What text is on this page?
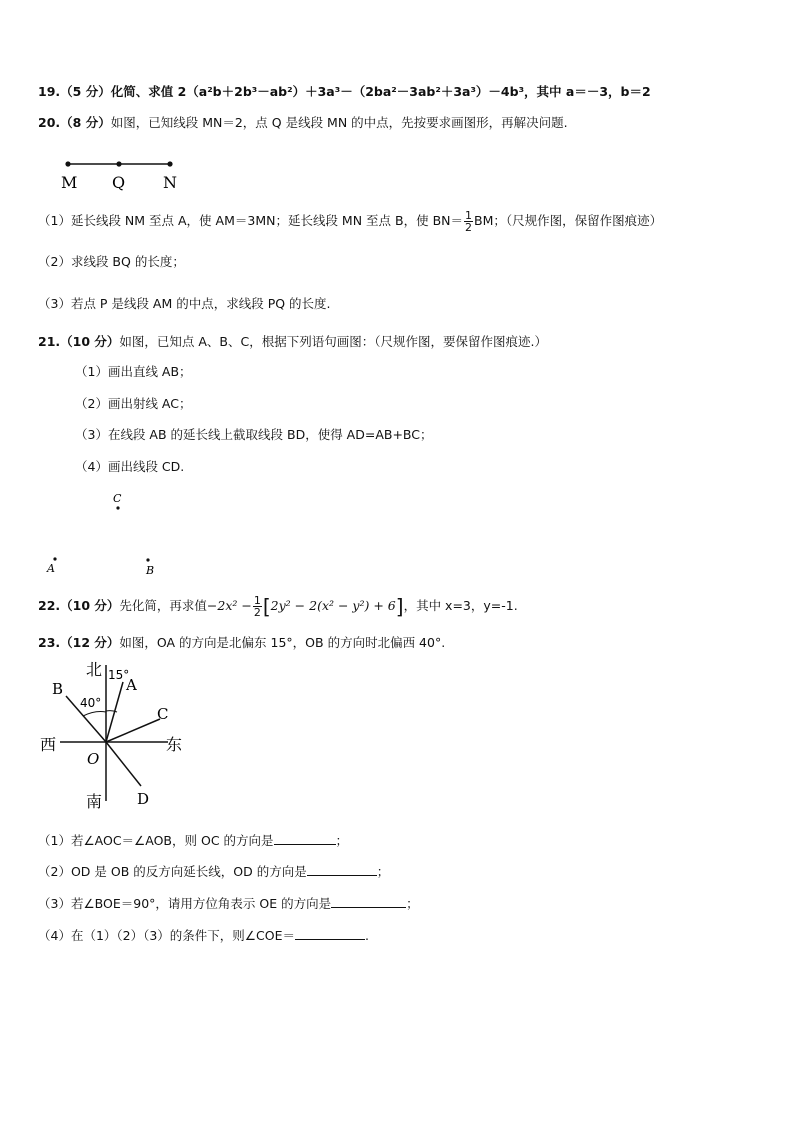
19.（5 分）化简、求值 2（a²b＋2b³－ab²）＋3a³－（2ba²－3ab²＋3a³）－4b³，其中 a＝－3，b＝2
20.（8 分）如图，已知线段 MN＝2，点 Q 是线段 MN 的中点，先按要求画图形，再解决问题.
M Q N
（1）延长线段 NM 至点 A，使 AM＝3MN；延长线段 MN 至点 B，使 $BN= \frac{1}{2}$ BM；（尺规作图，保留作图痕迹）
（2）求线段 BQ 的长度；
（3）若点 P 是线段 AM 的中点，求线段 PQ 的长度.
21.（10 分）如图，已知点 A、B、C，根据下列语句画图：（尺规作图，要保留作图痕迹.）
（1）画出直线 AB；
（2）画出射线 AC；
（3）在线段 AB 的延长线上截取线段 BD，使得 AD=AB+BC；
（4）画出线段 CD.
C
A	B
22.（10 分）先化简，再求值$-2x^2 - \frac{1}{2} [2y^2 - 2(x^2 - y^2) + 6]$，其中 x=3，y=-1.
23.（12 分）如图，OA 的方向是北偏东 15°，OB 的方向时北偏西 40°.
北 15°
A
B
40°
C
西	东
O
南 D
（1）若∠AOC＝∠AOB，则 OC 的方向是	；
（2）OD 是 OB 的反方向延长线，OD 的方向是	；
（3）若∠BOE＝90°，请用方位角表示 OE 的方向是	；
（4）在（1）（2）（3）的条件下，则∠COE＝	.
